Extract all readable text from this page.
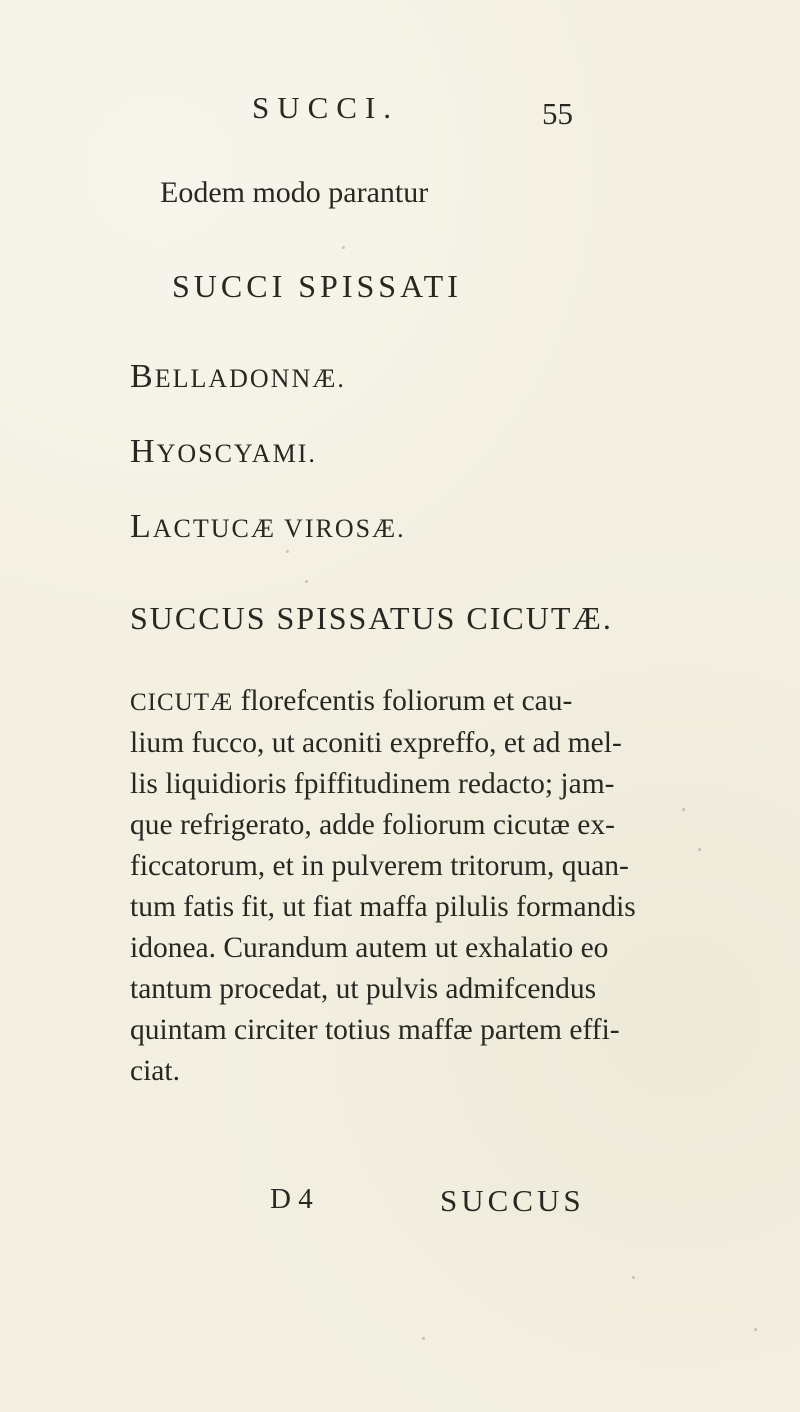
SUCCI.	55
Eodem modo parantur
SUCCI SPISSATI
BELLADONNÆ.
HYOSCYAMI.
LACTUCÆ VIROSÆ.
SUCCUS SPISSATUS CICUTÆ.
CICUTÆ florefcentis foliorum et cau-
lium fucco, ut aconiti expreffo, et ad mel-
lis liquidioris fpiffitudinem redacto; jam-
que refrigerato, adde foliorum cicutæ ex-
ficcatorum, et in pulverem tritorum, quan-
tum fatis fit, ut fiat maffa pilulis formandis
idonea. Curandum autem ut exhalatio eo
tantum procedat, ut pulvis admifcendus
quintam circiter totius maffæ partem effi-
ciat.
D 4	SUCCUS
